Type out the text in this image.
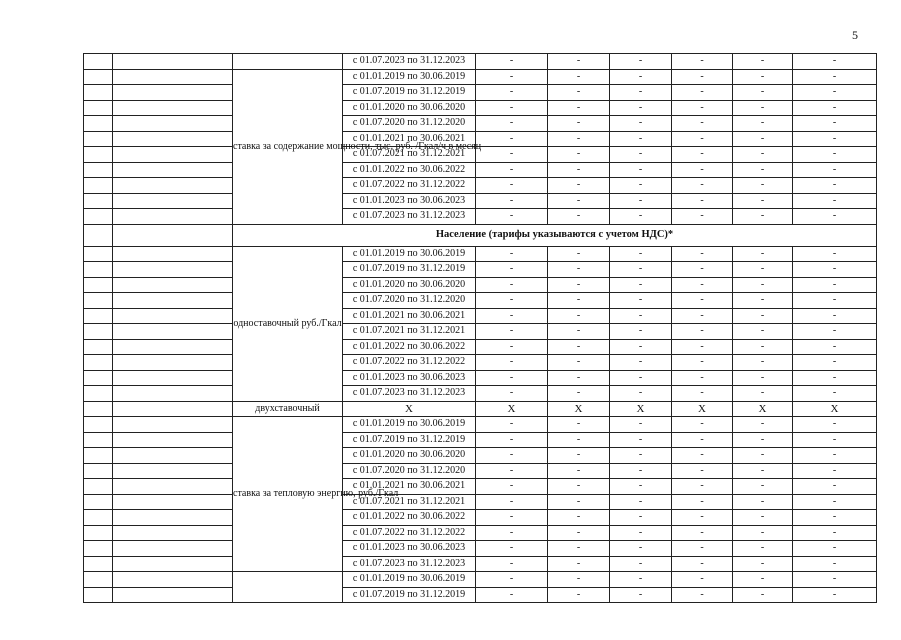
5
			с 01.07.2023 по 31.12.2023	-	-	-	-	-	-
		ставка за содержание мощности, тыс. руб. /Гкал/ч в месяц	с 01.01.2019 по 30.06.2019	-	-	-	-	-	-
			с 01.07.2019 по 31.12.2019	-	-	-	-	-	-
			с 01.01.2020 по 30.06.2020	-	-	-	-	-	-
			с 01.07.2020 по 31.12.2020	-	-	-	-	-	-
			с 01.01.2021 по 30.06.2021	-	-	-	-	-	-
			с 01.07.2021 по 31.12.2021	-	-	-	-	-	-
			с 01.01.2022 по 30.06.2022	-	-	-	-	-	-
			с 01.07.2022 по 31.12.2022	-	-	-	-	-	-
			с 01.01.2023 по 30.06.2023	-	-	-	-	-	-
			с 01.07.2023 по 31.12.2023	-	-	-	-	-	-
		Население (тарифы указываются с учетом НДС)*							
		одноставочный руб./Гкал	с 01.01.2019 по 30.06.2019	-	-	-	-	-	-
			с 01.07.2019 по 31.12.2019	-	-	-	-	-	-
			с 01.01.2020 по 30.06.2020	-	-	-	-	-	-
			с 01.07.2020 по 31.12.2020	-	-	-	-	-	-
			с 01.01.2021 по 30.06.2021	-	-	-	-	-	-
			с 01.07.2021 по 31.12.2021	-	-	-	-	-	-
			с 01.01.2022 по 30.06.2022	-	-	-	-	-	-
			с 01.07.2022 по 31.12.2022	-	-	-	-	-	-
			с 01.01.2023 по 30.06.2023	-	-	-	-	-	-
			с 01.07.2023 по 31.12.2023	-	-	-	-	-	-
		двухставочный	X	X	X	X	X	X	X
		ставка за тепловую энергию, руб./Гкал	с 01.01.2019 по 30.06.2019	-	-	-	-	-	-
			с 01.07.2019 по 31.12.2019	-	-	-	-	-	-
			с 01.01.2020 по 30.06.2020	-	-	-	-	-	-
			с 01.07.2020 по 31.12.2020	-	-	-	-	-	-
			с 01.01.2021 по 30.06.2021	-	-	-	-	-	-
			с 01.07.2021 по 31.12.2021	-	-	-	-	-	-
			с 01.01.2022 по 30.06.2022	-	-	-	-	-	-
			с 01.07.2022 по 31.12.2022	-	-	-	-	-	-
			с 01.01.2023 по 30.06.2023	-	-	-	-	-	-
			с 01.07.2023 по 31.12.2023	-	-	-	-	-	-
			с 01.01.2019 по 30.06.2019	-	-	-	-	-	-
			с 01.07.2019 по 31.12.2019	-	-	-	-	-	-
